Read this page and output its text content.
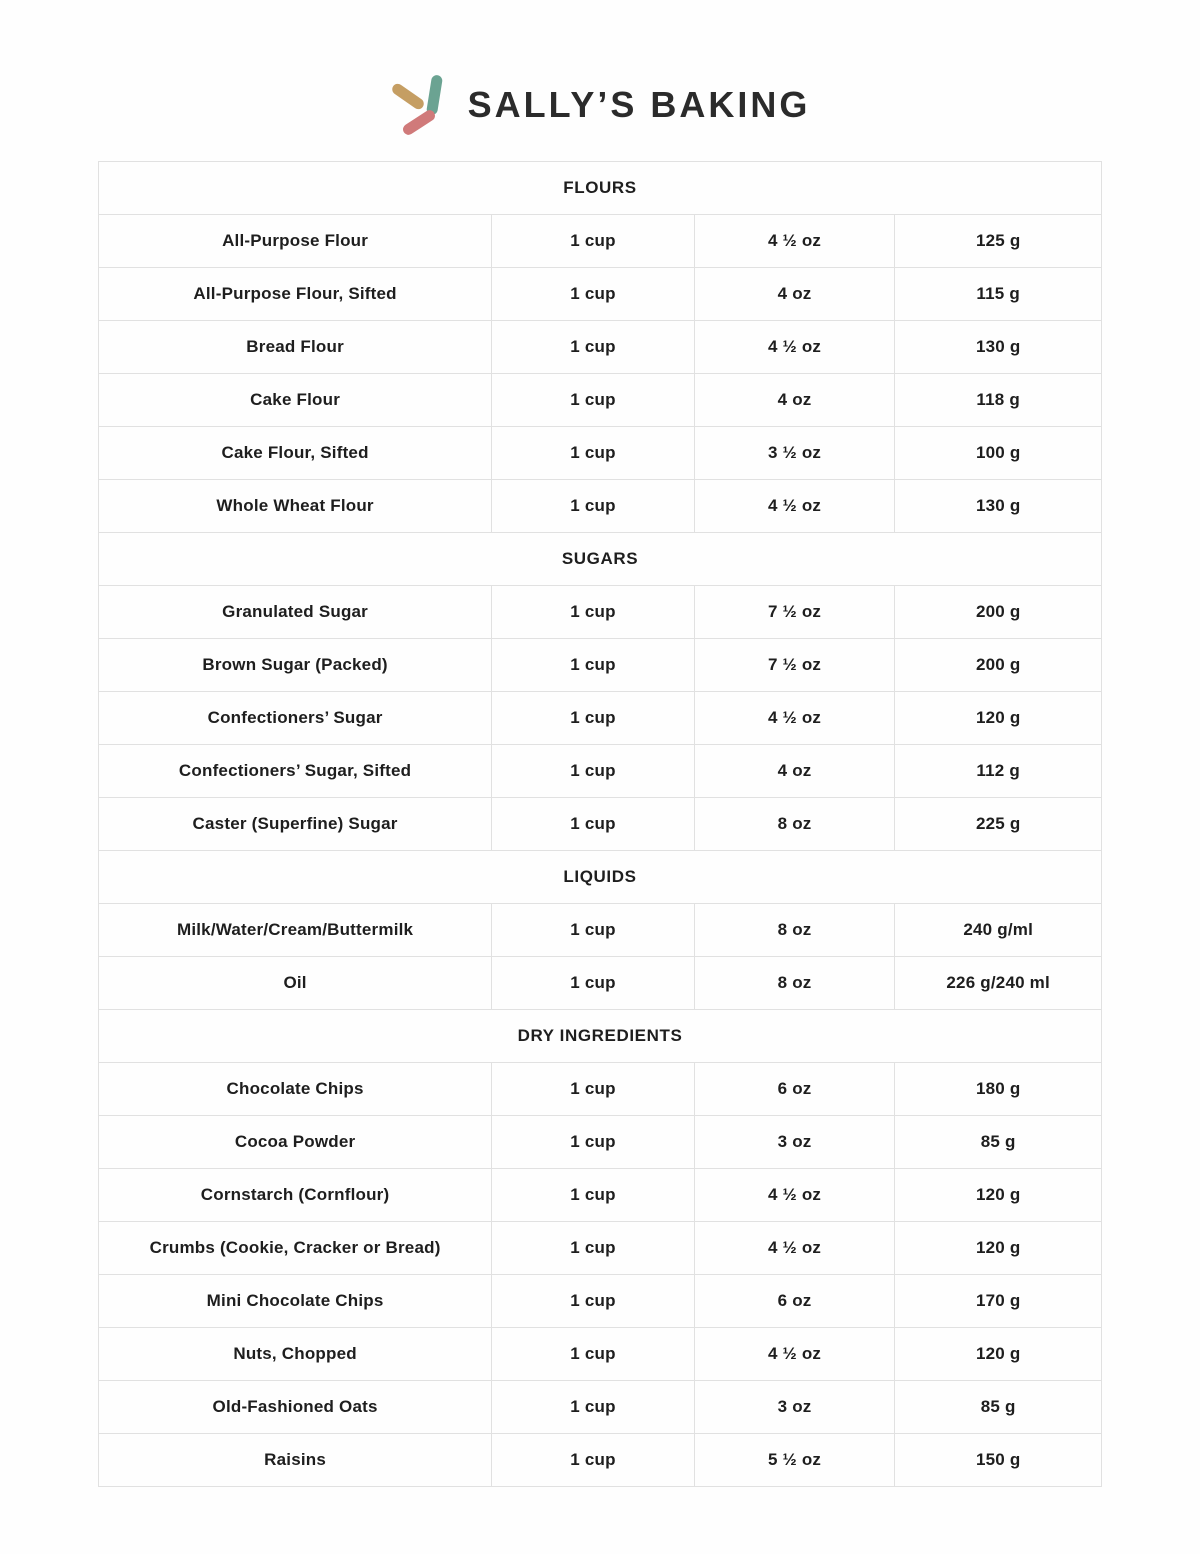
SALLY’S BAKING
FLOURS			
All-Purpose Flour	1 cup	4 ½ oz	125 g
All-Purpose Flour, Sifted	1 cup	4 oz	115 g
Bread Flour	1 cup	4 ½ oz	130 g
Cake Flour	1 cup	4 oz	118 g
Cake Flour, Sifted	1 cup	3 ½ oz	100 g
Whole Wheat Flour	1 cup	4 ½ oz	130 g
SUGARS			
Granulated Sugar	1 cup	7 ½ oz	200 g
Brown Sugar (Packed)	1 cup	7 ½ oz	200 g
Confectioners’ Sugar	1 cup	4 ½ oz	120 g
Confectioners’ Sugar, Sifted	1 cup	4 oz	112 g
Caster (Superfine) Sugar	1 cup	8 oz	225 g
LIQUIDS			
Milk/Water/Cream/Buttermilk	1 cup	8 oz	240 g/ml
Oil	1 cup	8 oz	226 g/240 ml
DRY INGREDIENTS			
Chocolate Chips	1 cup	6 oz	180 g
Cocoa Powder	1 cup	3 oz	85 g
Cornstarch (Cornflour)	1 cup	4 ½ oz	120 g
Crumbs (Cookie, Cracker or Bread)	1 cup	4 ½ oz	120 g
Mini Chocolate Chips	1 cup	6 oz	170 g
Nuts, Chopped	1 cup	4 ½ oz	120 g
Old-Fashioned Oats	1 cup	3 oz	85 g
Raisins	1 cup	5 ½ oz	150 g
